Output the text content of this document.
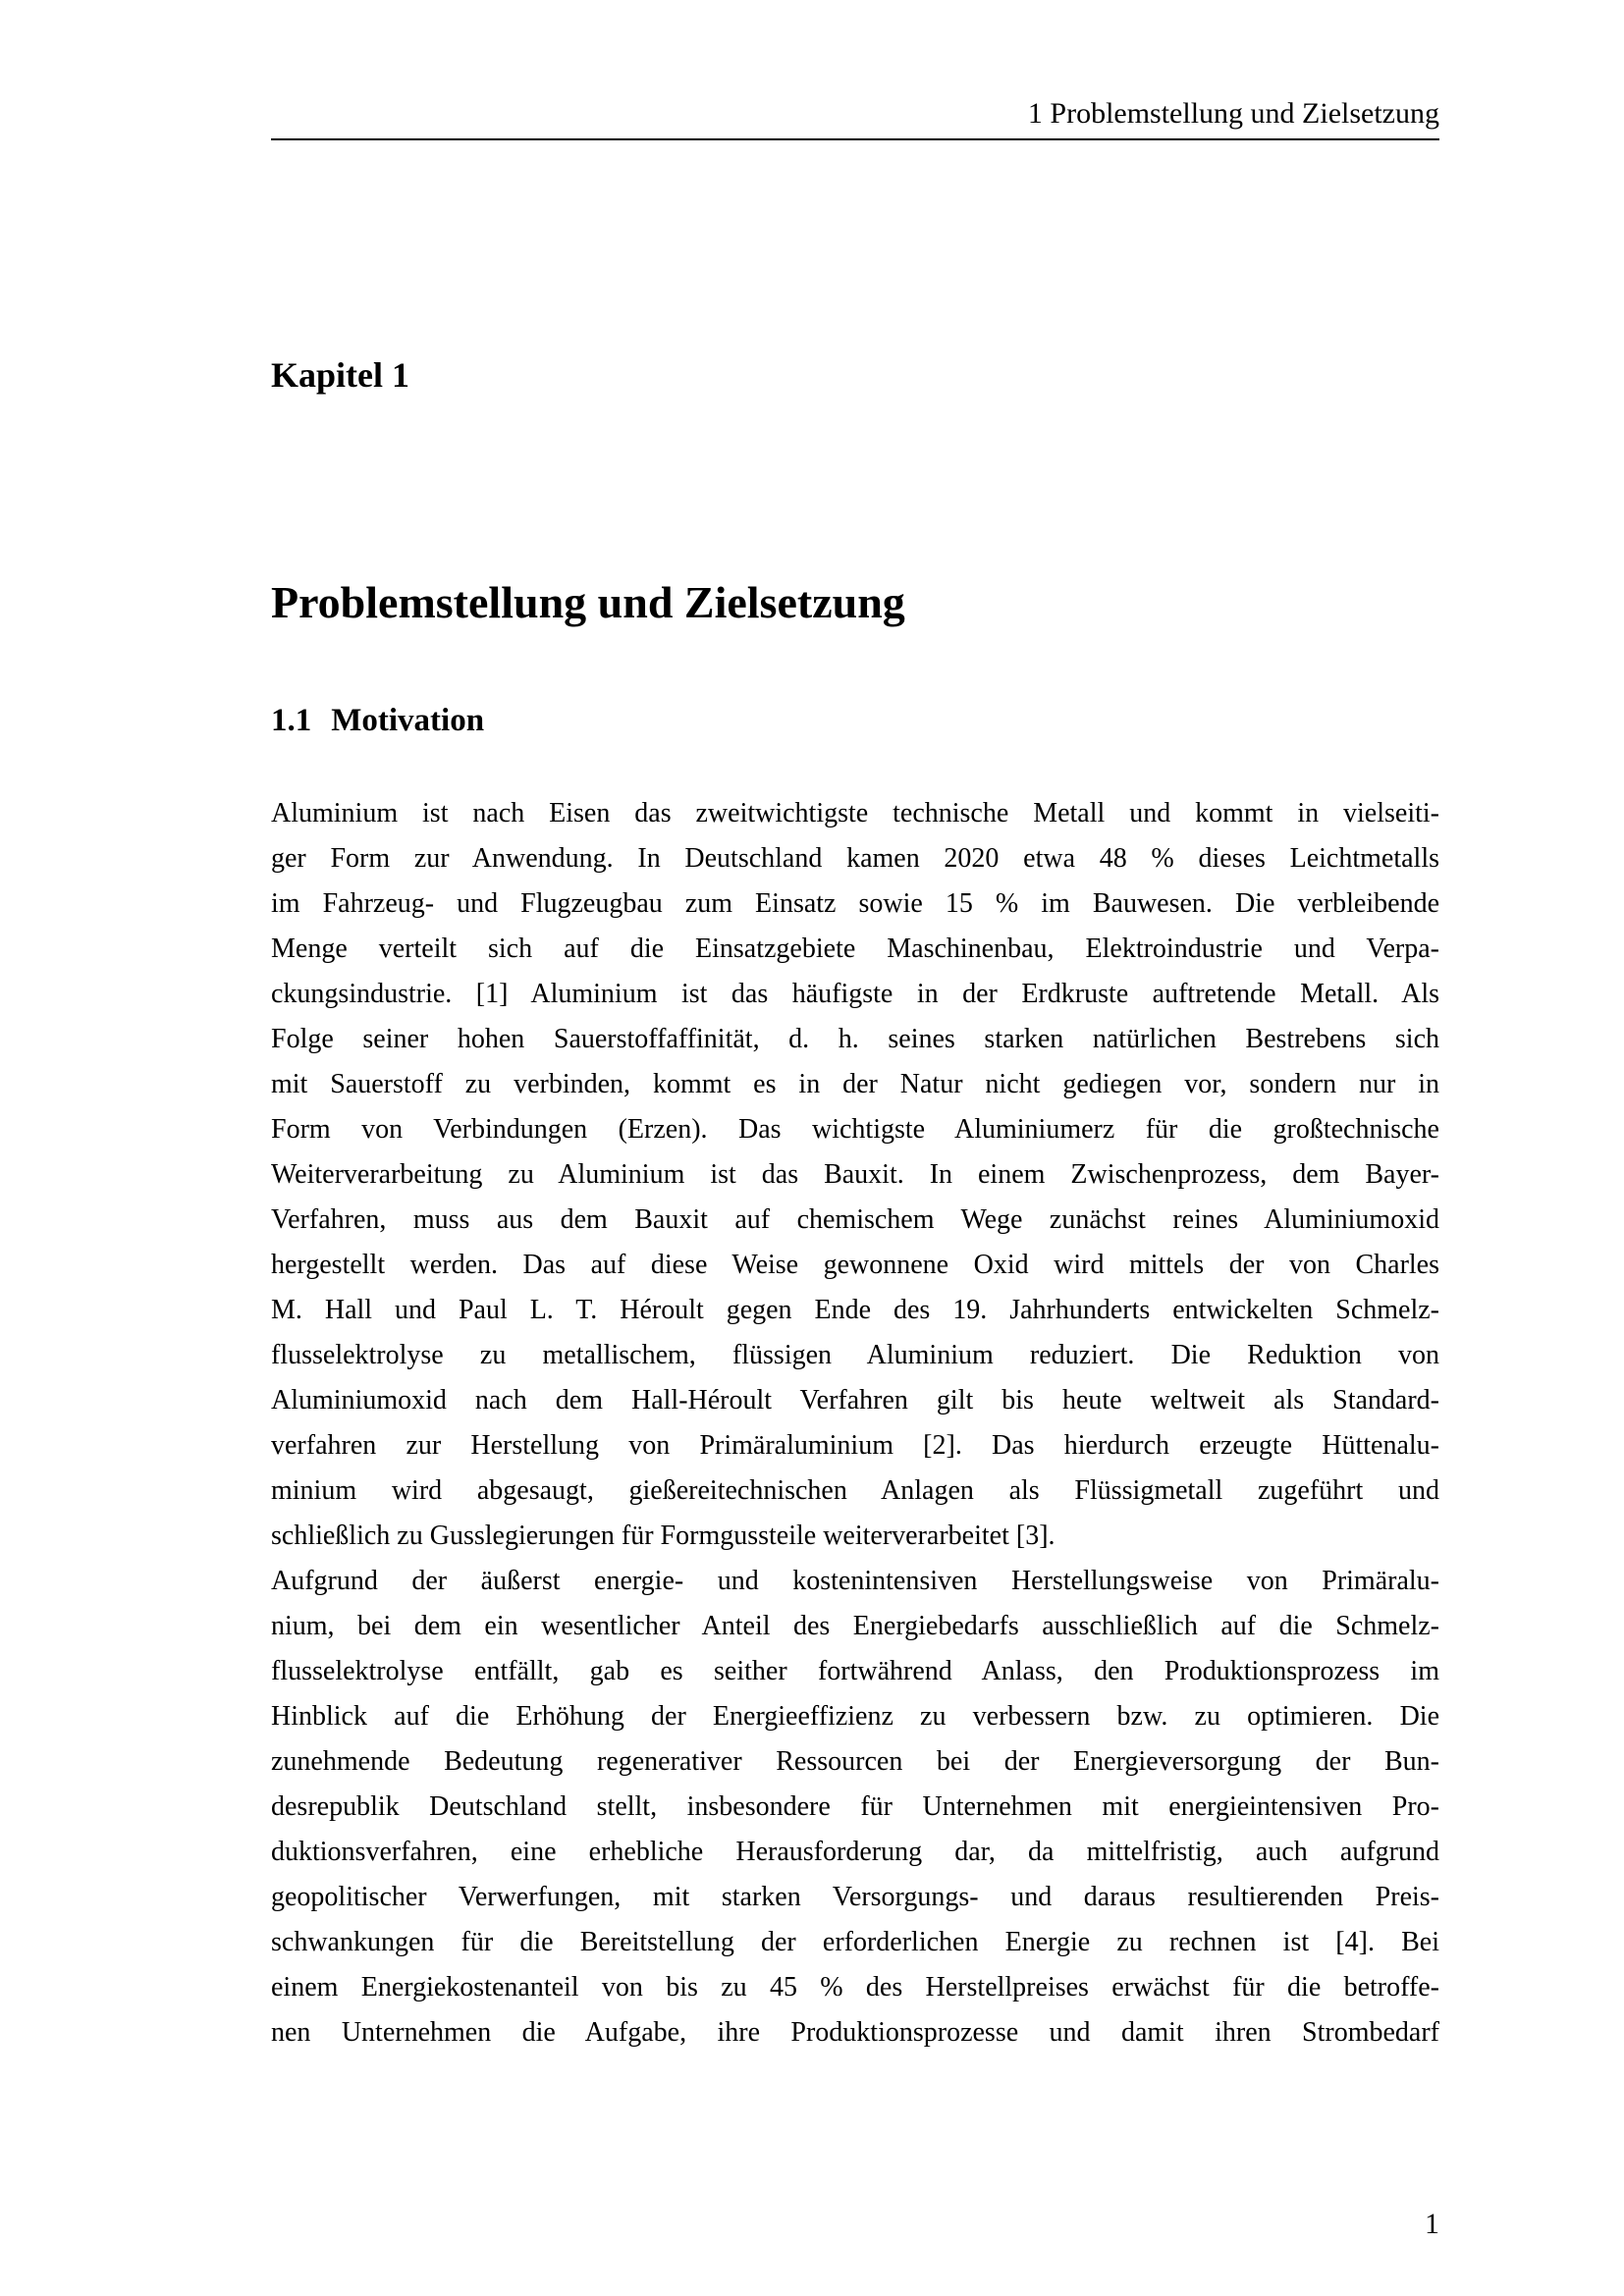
1 Problemstellung und Zielsetzung
Kapitel 1
Problemstellung und Zielsetzung
1.1 Motivation
Aluminium ist nach Eisen das zweitwichtigste technische Metall und kommt in vielseiti-
ger Form zur Anwendung. In Deutschland kamen 2020 etwa 48 % dieses Leichtmetalls
im Fahrzeug- und Flugzeugbau zum Einsatz sowie 15 % im Bauwesen. Die verbleibende
Menge verteilt sich auf die Einsatzgebiete Maschinenbau, Elektroindustrie und Verpa-
ckungsindustrie. [1] Aluminium ist das häufigste in der Erdkruste auftretende Metall. Als
Folge seiner hohen Sauerstoffaffinität, d. h. seines starken natürlichen Bestrebens sich
mit Sauerstoff zu verbinden, kommt es in der Natur nicht gediegen vor, sondern nur in
Form von Verbindungen (Erzen). Das wichtigste Aluminiumerz für die großtechnische
Weiterverarbeitung zu Aluminium ist das Bauxit. In einem Zwischenprozess, dem Bayer-
Verfahren, muss aus dem Bauxit auf chemischem Wege zunächst reines Aluminiumoxid
hergestellt werden. Das auf diese Weise gewonnene Oxid wird mittels der von Charles
M. Hall und Paul L. T. Héroult gegen Ende des 19. Jahrhunderts entwickelten Schmelz-
flusselektrolyse zu metallischem, flüssigen Aluminium reduziert. Die Reduktion von
Aluminiumoxid nach dem Hall-Héroult Verfahren gilt bis heute weltweit als Standard-
verfahren zur Herstellung von Primäraluminium [2]. Das hierdurch erzeugte Hüttenalu-
minium wird abgesaugt, gießereitechnischen Anlagen als Flüssigmetall zugeführt und
schließlich zu Gusslegierungen für Formgussteile weiterverarbeitet [3].
Aufgrund der äußerst energie- und kostenintensiven Herstellungsweise von Primäralu-
nium, bei dem ein wesentlicher Anteil des Energiebedarfs ausschließlich auf die Schmelz-
flusselektrolyse entfällt, gab es seither fortwährend Anlass, den Produktionsprozess im
Hinblick auf die Erhöhung der Energieeffizienz zu verbessern bzw. zu optimieren. Die
zunehmende Bedeutung regenerativer Ressourcen bei der Energieversorgung der Bun-
desrepublik Deutschland stellt, insbesondere für Unternehmen mit energieintensiven Pro-
duktionsverfahren, eine erhebliche Herausforderung dar, da mittelfristig, auch aufgrund
geopolitischer Verwerfungen, mit starken Versorgungs- und daraus resultierenden Preis-
schwankungen für die Bereitstellung der erforderlichen Energie zu rechnen ist [4]. Bei
einem Energiekostenanteil von bis zu 45 % des Herstellpreises erwächst für die betroffe-
nen Unternehmen die Aufgabe, ihre Produktionsprozesse und damit ihren Strombedarf
1
